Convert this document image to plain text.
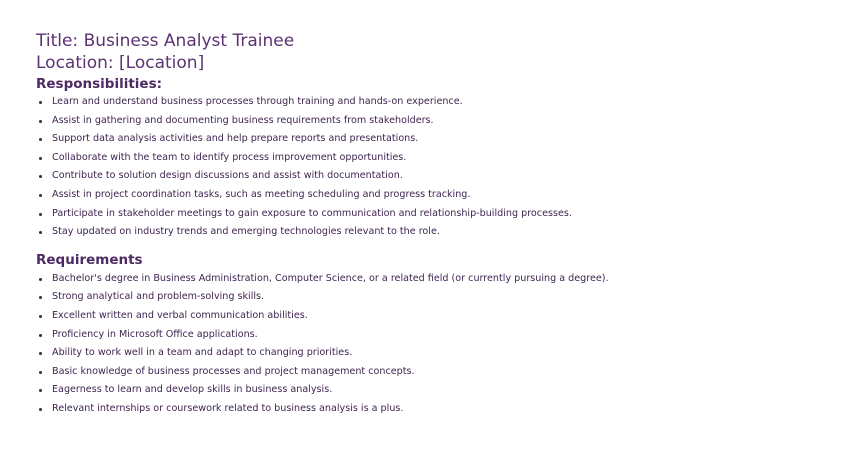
Title: Business Analyst Trainee

Location: [Location]

Responsibilities:
Learn and understand business processes through training and hands-on experience.
Assist in gathering and documenting business requirements from stakeholders.
Support data analysis activities and help prepare reports and presentations.
Collaborate with the team to identify process improvement opportunities.
Contribute to solution design discussions and assist with documentation.
Assist in project coordination tasks, such as meeting scheduling and progress tracking.
Participate in stakeholder meetings to gain exposure to communication and relationship-building processes.
Stay updated on industry trends and emerging technologies relevant to the role.
Requirements
Bachelor's degree in Business Administration, Computer Science, or a related field (or currently pursuing a degree).
Strong analytical and problem-solving skills.
Excellent written and verbal communication abilities.
Proficiency in Microsoft Office applications.
Ability to work well in a team and adapt to changing priorities.
Basic knowledge of business processes and project management concepts.
Eagerness to learn and develop skills in business analysis.
Relevant internships or coursework related to business analysis is a plus.
